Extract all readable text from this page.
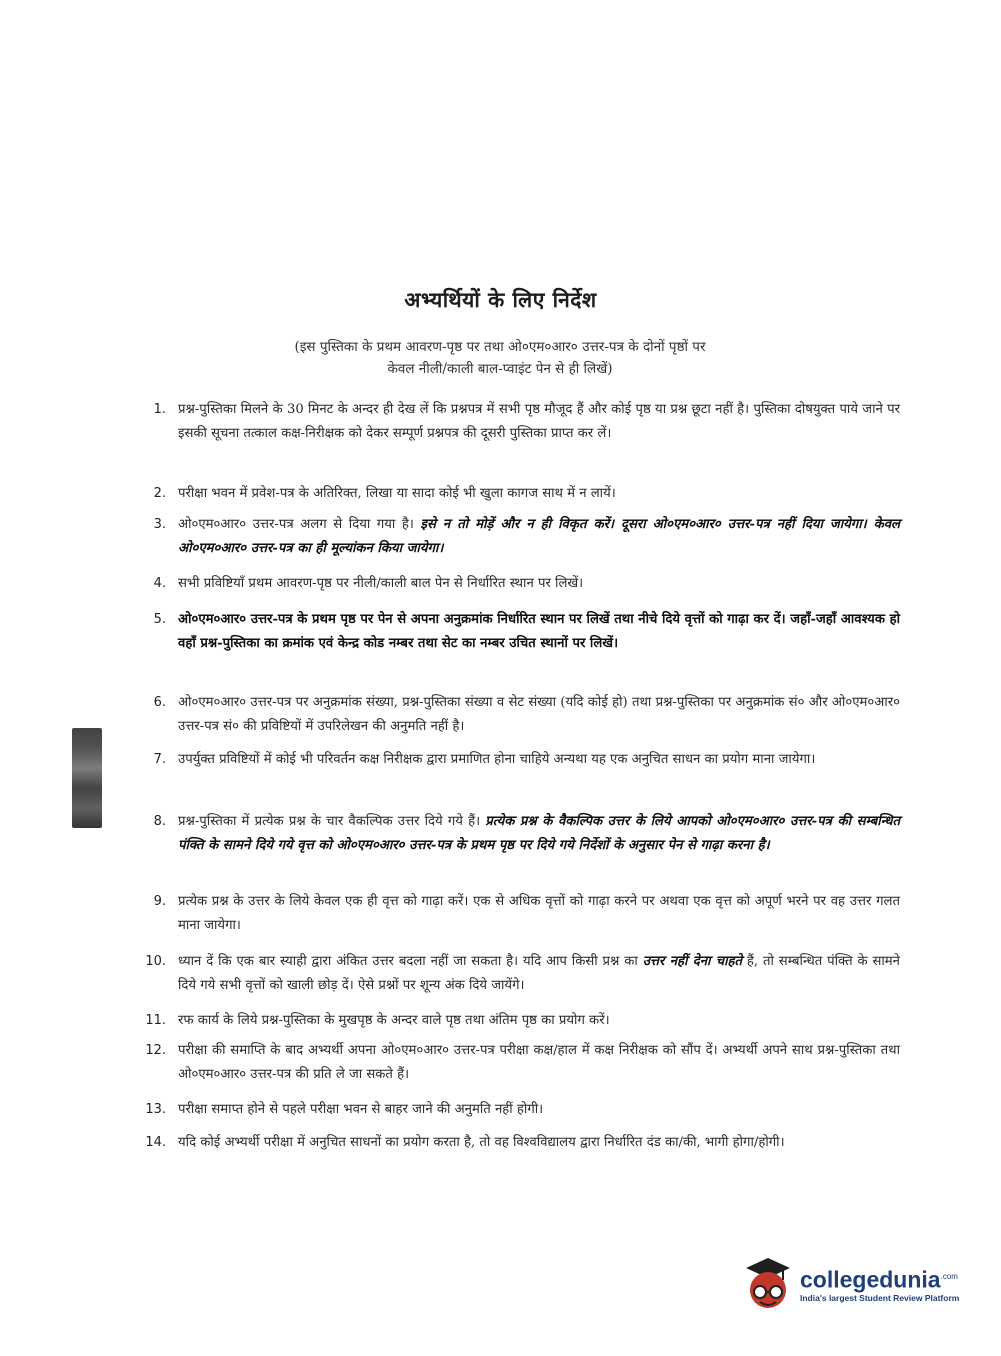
अभ्यर्थियों के लिए निर्देश
(इस पुस्तिका के प्रथम आवरण-पृष्ठ पर तथा ओ०एम०आर० उत्तर-पत्र के दोनों पृष्ठों पर
केवल नीली/काली बाल-प्वाइंट पेन से ही लिखें)
1. प्रश्न-पुस्तिका मिलने के 30 मिनट के अन्दर ही देख लें कि प्रश्नपत्र में सभी पृष्ठ मौजूद हैं और कोई पृष्ठ या प्रश्न छूटा नहीं है। पुस्तिका दोषयुक्त पाये जाने पर इसकी सूचना तत्काल कक्ष-निरीक्षक को देकर सम्पूर्ण प्रश्नपत्र की दूसरी पुस्तिका प्राप्त कर लें।
2. परीक्षा भवन में प्रवेश-पत्र के अतिरिक्त, लिखा या सादा कोई भी खुला कागज साथ में न लायें।
3. ओ०एम०आर० उत्तर-पत्र अलग से दिया गया है। इसे न तो मोड़ें और न ही विकृत करें। दूसरा ओ०एम०आर० उत्तर-पत्र नहीं दिया जायेगा। केवल ओ०एम०आर० उत्तर-पत्र का ही मूल्यांकन किया जायेगा।
4. सभी प्रविष्टियाँ प्रथम आवरण-पृष्ठ पर नीली/काली बाल पेन से निर्धारित स्थान पर लिखें।
5. ओ०एम०आर० उत्तर-पत्र के प्रथम पृष्ठ पर पेन से अपना अनुक्रमांक निर्धारित स्थान पर लिखें तथा नीचे दिये वृत्तों को गाढ़ा कर दें। जहाँ-जहाँ आवश्यक हो वहाँ प्रश्न-पुस्तिका का क्रमांक एवं केन्द्र कोड नम्बर तथा सेट का नम्बर उचित स्थानों पर लिखें।
6. ओ०एम०आर० उत्तर-पत्र पर अनुक्रमांक संख्या, प्रश्न-पुस्तिका संख्या व सेट संख्या (यदि कोई हो) तथा प्रश्न-पुस्तिका पर अनुक्रमांक सं० और ओ०एम०आर० उत्तर-पत्र सं० की प्रविष्टियों में उपरिलेखन की अनुमति नहीं है।
7. उपर्युक्त प्रविष्टियों में कोई भी परिवर्तन कक्ष निरीक्षक द्वारा प्रमाणित होना चाहिये अन्यथा यह एक अनुचित साधन का प्रयोग माना जायेगा।
8. प्रश्न-पुस्तिका में प्रत्येक प्रश्न के चार वैकल्पिक उत्तर दिये गये हैं। प्रत्येक प्रश्न के वैकल्पिक उत्तर के लिये आपको ओ०एम०आर० उत्तर-पत्र की सम्बन्धित पंक्ति के सामने दिये गये वृत्त को ओ०एम०आर० उत्तर-पत्र के प्रथम पृष्ठ पर दिये गये निर्देशों के अनुसार पेन से गाढ़ा करना है।
9. प्रत्येक प्रश्न के उत्तर के लिये केवल एक ही वृत्त को गाढ़ा करें। एक से अधिक वृत्तों को गाढ़ा करने पर अथवा एक वृत्त को अपूर्ण भरने पर वह उत्तर गलत माना जायेगा।
10. ध्यान दें कि एक बार स्याही द्वारा अंकित उत्तर बदला नहीं जा सकता है। यदि आप किसी प्रश्न का उत्तर नहीं देना चाहते हैं, तो सम्बन्धित पंक्ति के सामने दिये गये सभी वृत्तों को खाली छोड़ दें। ऐसे प्रश्नों पर शून्य अंक दिये जायेंगे।
11. रफ कार्य के लिये प्रश्न-पुस्तिका के मुखपृष्ठ के अन्दर वाले पृष्ठ तथा अंतिम पृष्ठ का प्रयोग करें।
12. परीक्षा की समाप्ति के बाद अभ्यर्थी अपना ओ०एम०आर० उत्तर-पत्र परीक्षा कक्ष/हाल में कक्ष निरीक्षक को सौंप दें। अभ्यर्थी अपने साथ प्रश्न-पुस्तिका तथा ओ०एम०आर० उत्तर-पत्र की प्रति ले जा सकते हैं।
13. परीक्षा समाप्त होने से पहले परीक्षा भवन से बाहर जाने की अनुमति नहीं होगी।
14. यदि कोई अभ्यर्थी परीक्षा में अनुचित साधनों का प्रयोग करता है, तो वह विश्वविद्यालय द्वारा निर्धारित दंड का/की, भागी होगा/होगी।
collegedunia$^{.com}$
India's largest Student Review Platform
